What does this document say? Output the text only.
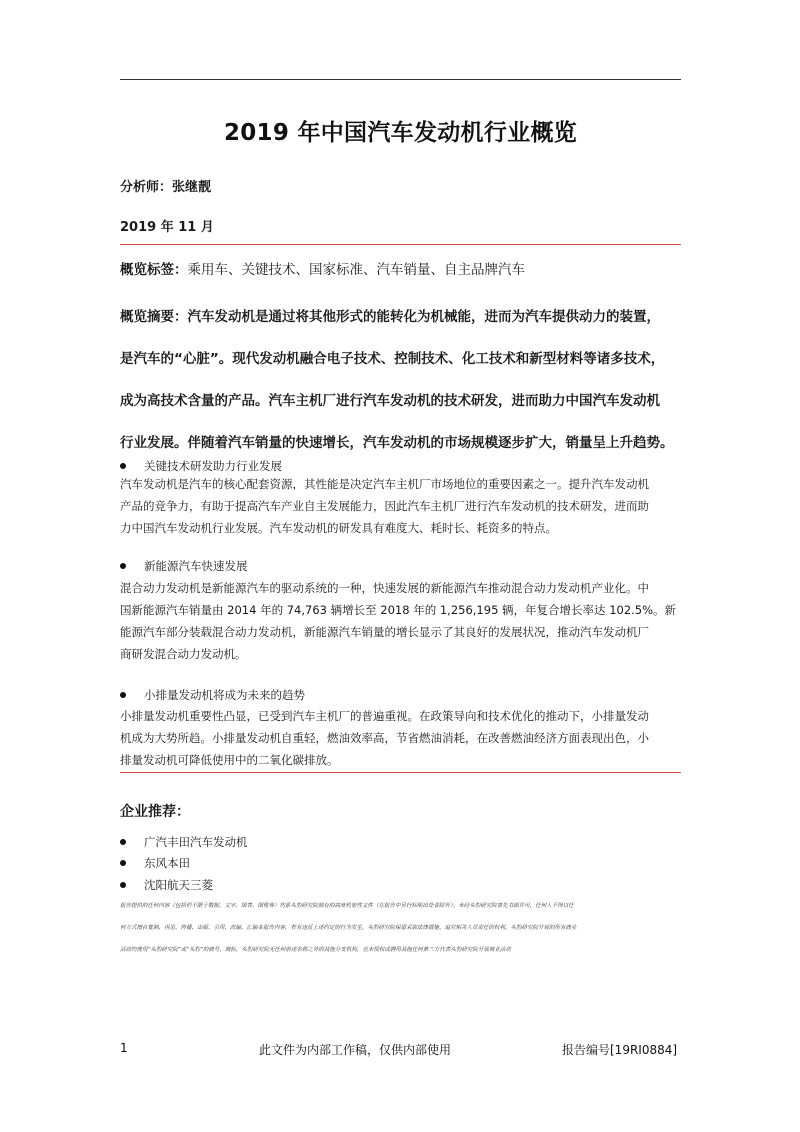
2019 年中国汽车发动机行业概览
分析师：张继靓
2019 年 11 月
概览标签：乘用车、关键技术、国家标准、汽车销量、自主品牌汽车
概览摘要：汽车发动机是通过将其他形式的能转化为机械能，进而为汽车提供动力的装置，
是汽车的“心脏”。现代发动机融合电子技术、控制技术、化工技术和新型材料等诸多技术，
成为高技术含量的产品。汽车主机厂进行汽车发动机的技术研发，进而助力中国汽车发动机
行业发展。伴随着汽车销量的快速增长，汽车发动机的市场规模逐步扩大，销量呈上升趋势。
关键技术研发助力行业发展
汽车发动机是汽车的核心配套资源，其性能是决定汽车主机厂市场地位的重要因素之一。提升汽车发动机
产品的竞争力，有助于提高汽车产业自主发展能力，因此汽车主机厂进行汽车发动机的技术研发，进而助
力中国汽车发动机行业发展。汽车发动机的研发具有难度大、耗时长、耗资多的特点。
新能源汽车快速发展
混合动力发动机是新能源汽车的驱动系统的一种，快速发展的新能源汽车推动混合动力发动机产业化。中
国新能源汽车销量由 2014 年的 74,763 辆增长至 2018 年的 1,256,195 辆，年复合增长率达 102.5%。新
能源汽车部分装载混合动力发动机，新能源汽车销量的增长显示了其良好的发展状况，推动汽车发动机厂
商研发混合动力发动机。
小排量发动机将成为未来的趋势
小排量发动机重要性凸显，已受到汽车主机厂的普遍重视。在政策导向和技术优化的推动下，小排量发动
机成为大势所趋。小排量发动机自重轻，燃油效率高，节省燃油消耗，在改善燃油经济方面表现出色，小
排量发动机可降低使用中的二氧化碳排放。
企业推荐：
广汽丰田汽车发动机
东风本田
沈阳航天三菱
报告提供的任何内容（包括但不限于数据、文字、图表、图像等）均系头豹研究院独有的高度机密性文件（在报告中另行标明出处者除外）。未经头豹研究院事先书面许可，任何人不得以任
何方式擅自复制、再造、传播、出版、引用、改编、汇编本报告内容，若有违反上述约定的行为发生，头豹研究院保留采取法律措施、追究相关人员责任的权利。头豹研究院开展的所有商业
活动均使用“头豹研究院”或“头豹”的商号、商标，头豹研究院无任何前述名称之外的其他分支机构，也未授权或聘用其他任何第三方代表头豹研究院开展商业活动
1	此文件为内部工作稿，仅供内部使用	报告编号[19RI0884]
